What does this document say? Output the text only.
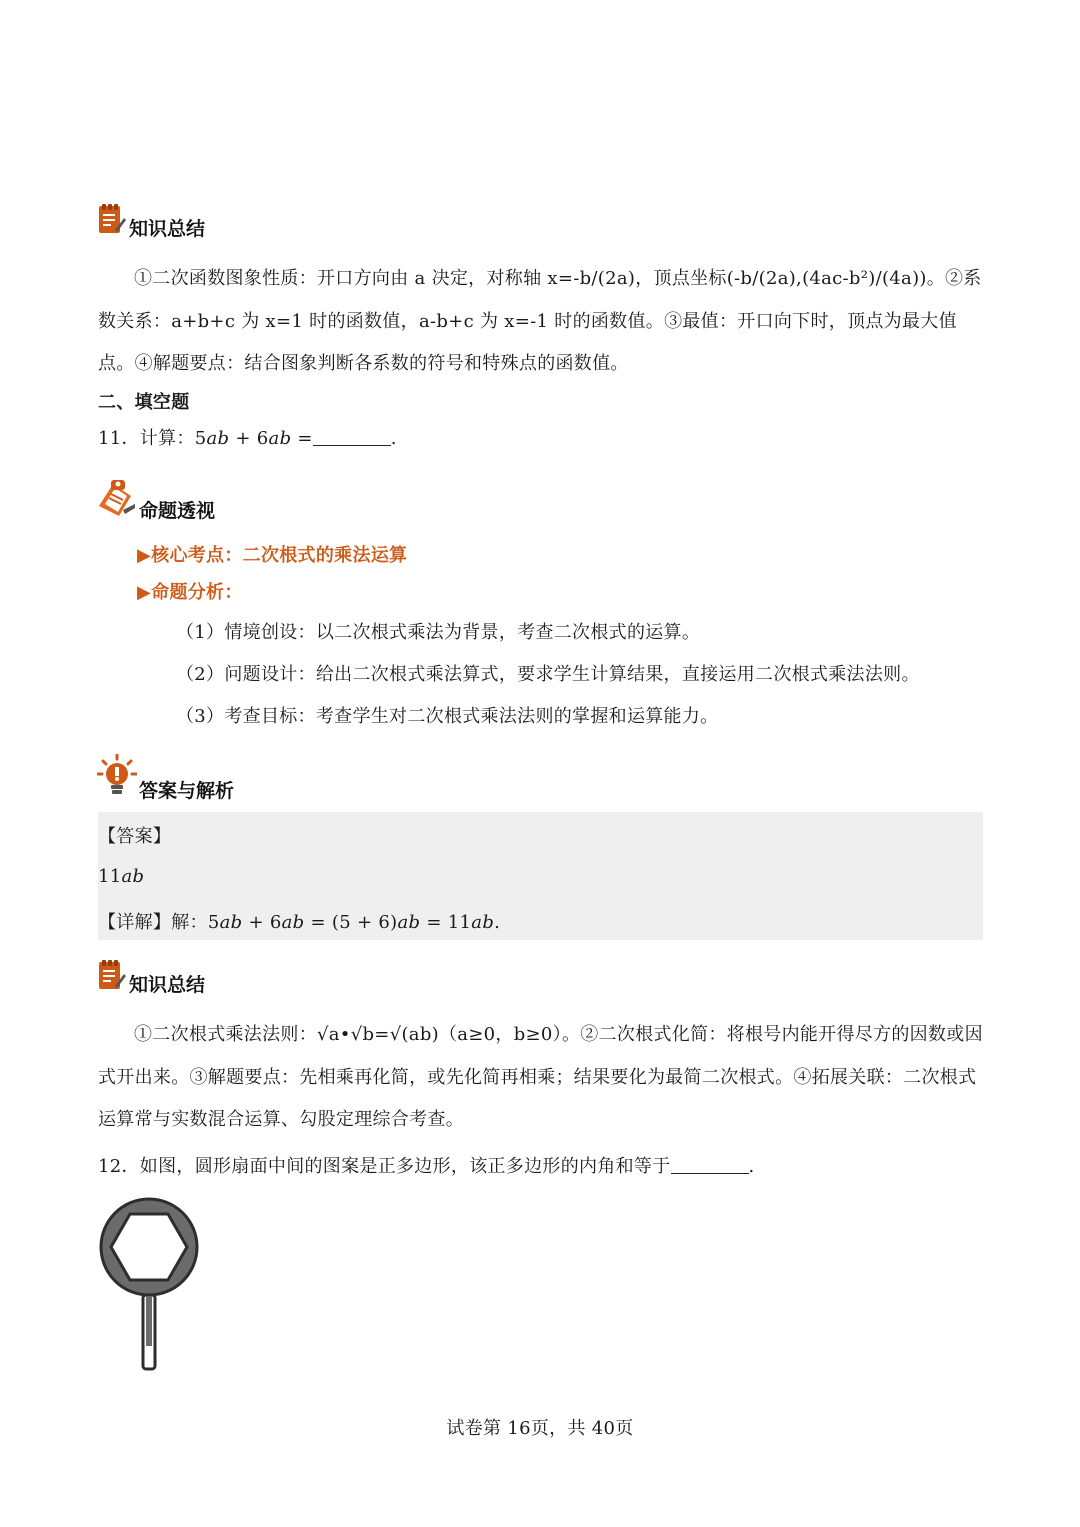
知识总结

①二次函数图象性质：开口方向由 a 决定，对称轴 x=-b/(2a)，顶点坐标(-b/(2a),(4ac-b²)/(4a))。②系数关系：a+b+c 为 x=1 时的函数值，a-b+c 为 x=-1 时的函数值。③最值：开口向下时，顶点为最大值点。④解题要点：结合图象判断各系数的符号和特殊点的函数值。

二、填空题
11．计算：5ab + 6ab =	.
命题透视
▶核心考点：二次根式的乘法运算
▶命题分析：
（1）情境创设：以二次根式乘法为背景，考查二次根式的运算。
（2）问题设计：给出二次根式乘法算式，要求学生计算结果，直接运用二次根式乘法法则。
（3）考查目标：考查学生对二次根式乘法法则的掌握和运算能力。
答案与解析
【答案】
11ab
【详解】解：5ab + 6ab = (5 + 6)ab = 11ab.
知识总结

①二次根式乘法法则：√a•√b=√(ab)（a≥0，b≥0）。②二次根式化简：将根号内能开得尽方的因数或因式开出来。③解题要点：先相乘再化简，或先化简再相乘；结果要化为最简二次根式。④拓展关联：二次根式运算常与实数混合运算、勾股定理综合考查。

12．如图，圆形扇面中间的图案是正多边形，该正多边形的内角和等于	.
试卷第 16页，共 40页
